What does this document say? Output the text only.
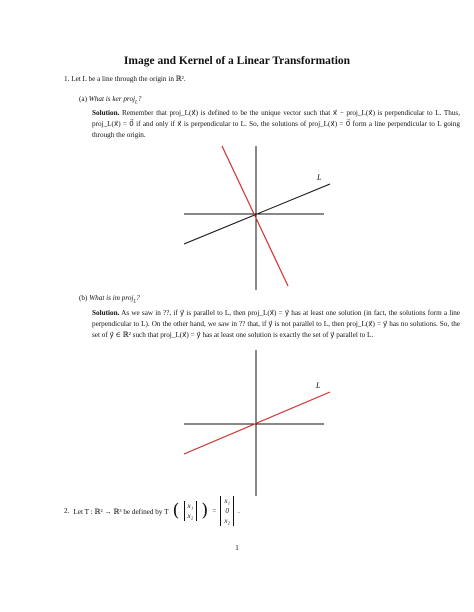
Image and Kernel of a Linear Transformation
1. Let L be a line through the origin in ℝ².
(a) What is ker proj$_L$?
Solution. Remember that proj_L(x⃗) is defined to be the unique vector such that x⃗ − proj_L(x⃗) is perpendicular to L. Thus, proj_L(x⃗) = 0⃗ if and only if x⃗ is perpendicular to L. So, the solutions of proj_L(x⃗) = 0⃗ form a line perpendicular to L going through the origin.
L
(b) What is im proj$_L$?
Solution. As we saw in ??, if y⃗ is parallel to L, then proj_L(x⃗) = y⃗ has at least one solution (in fact, the solutions form a line perpendicular to L). On the other hand, we saw in ?? that, if y⃗ is not parallel to L, then proj_L(x⃗) = y⃗ has no solutions. So, the set of y⃗ ∈ ℝ² such that proj_L(x⃗) = y⃗ has at least one solution is exactly the set of y⃗ parallel to L.
L
2. Let T : ℝ² → ℝ³ be defined by T ( x₁
x₂ ) =
x₁
0
x₂
.
1
